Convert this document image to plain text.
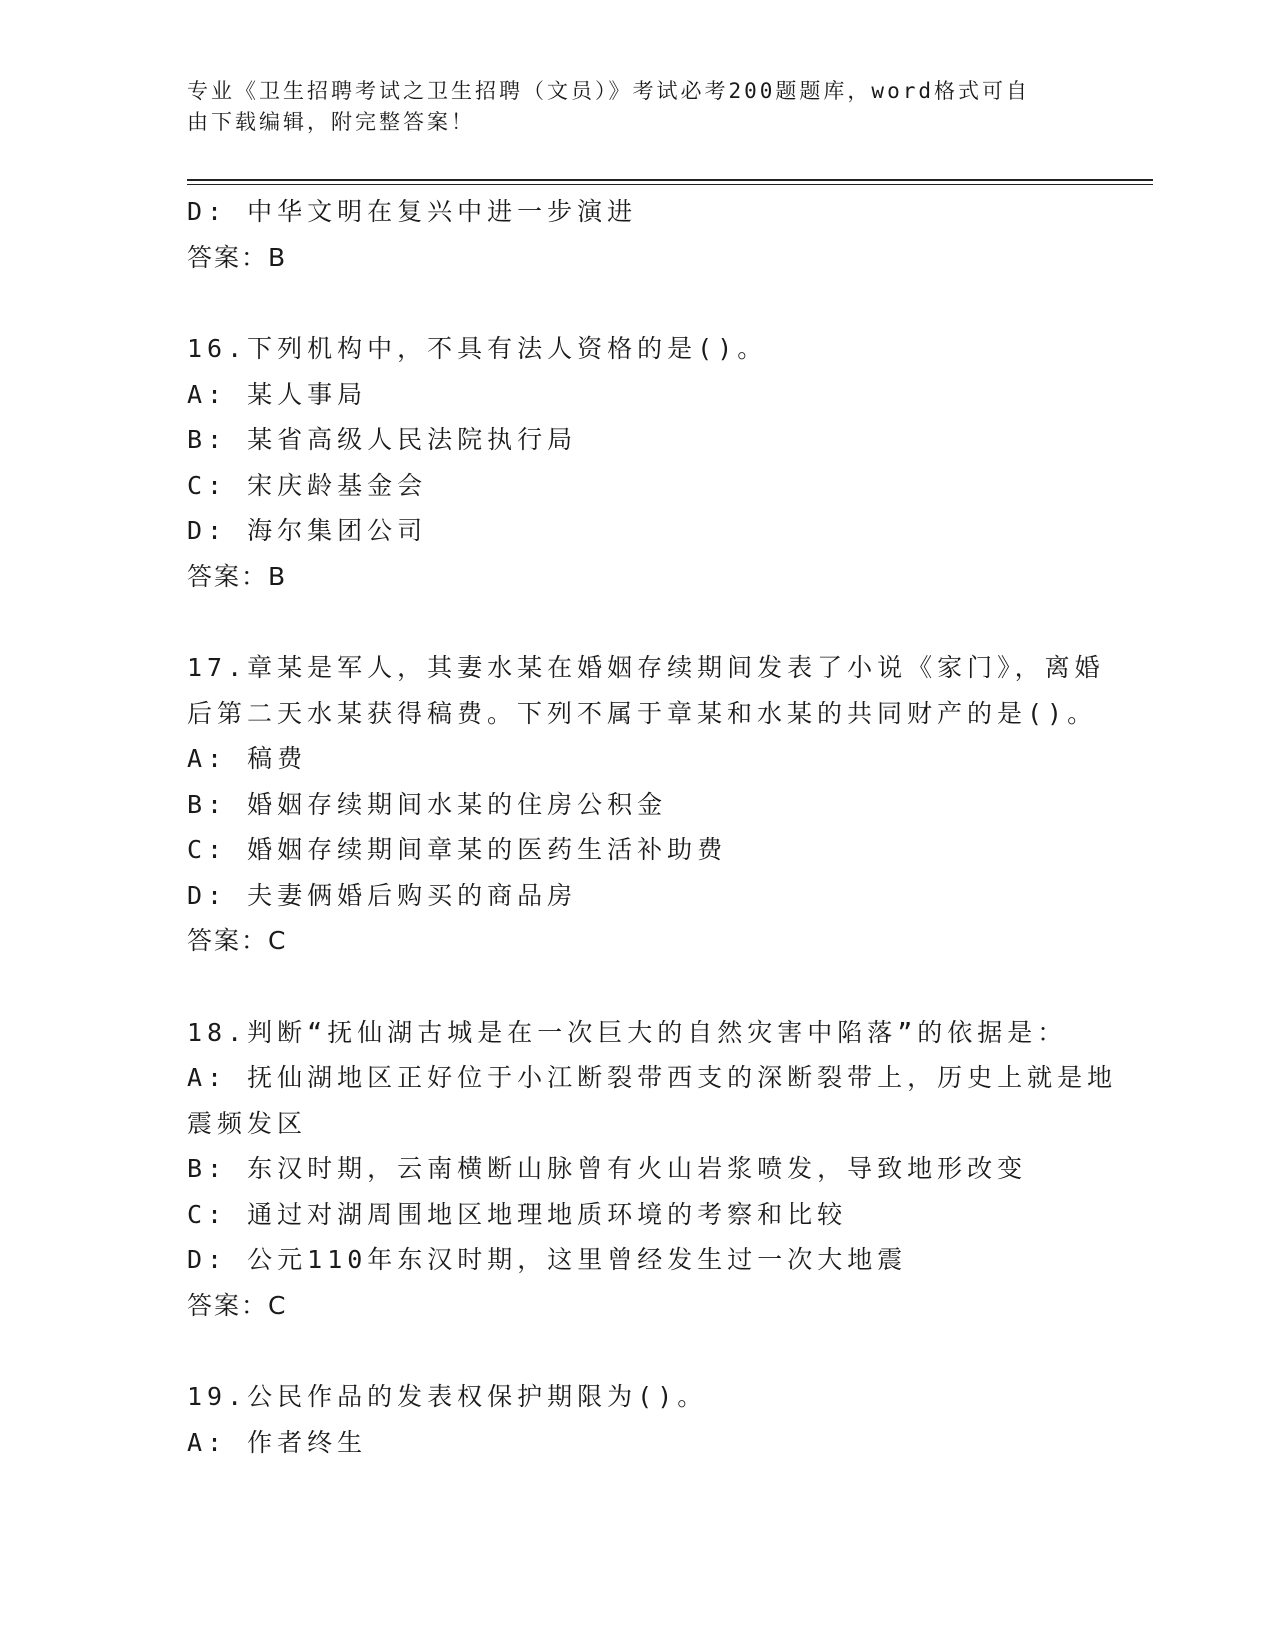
专业《卫生招聘考试之卫生招聘（文员）》考试必考200题题库，word格式可自
由下载编辑，附完整答案！
D: 中华文明在复兴中进一步演进
答案：B
16.下列机构中，不具有法人资格的是()。
A: 某人事局
B: 某省高级人民法院执行局
C: 宋庆龄基金会
D: 海尔集团公司
答案：B
17.章某是军人，其妻水某在婚姻存续期间发表了小说《家门》，离婚
后第二天水某获得稿费。下列不属于章某和水某的共同财产的是()。
A: 稿费
B: 婚姻存续期间水某的住房公积金
C: 婚姻存续期间章某的医药生活补助费
D: 夫妻俩婚后购买的商品房
答案：C
18.判断“抚仙湖古城是在一次巨大的自然灾害中陷落”的依据是：
A: 抚仙湖地区正好位于小江断裂带西支的深断裂带上，历史上就是地
震频发区
B: 东汉时期，云南横断山脉曾有火山岩浆喷发，导致地形改变
C: 通过对湖周围地区地理地质环境的考察和比较
D: 公元110年东汉时期，这里曾经发生过一次大地震
答案：C
19.公民作品的发表权保护期限为()。
A: 作者终生
